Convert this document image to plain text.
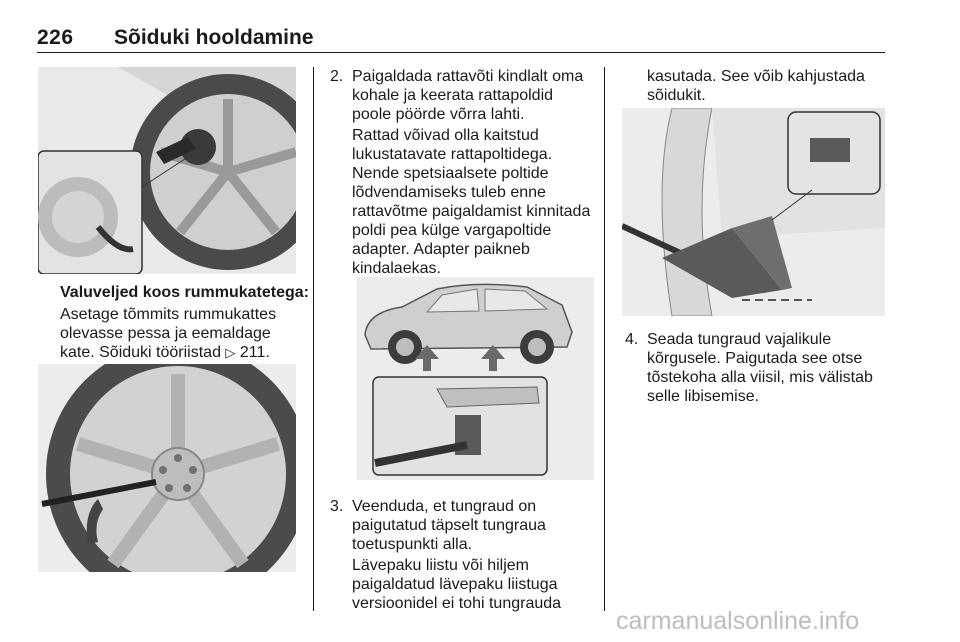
226 Sõiduki hooldamine
Valuveljed koos rummukatetega:
Asetage tõmmits rummukattes
olevasse pessa ja eemaldage
kate. Sõiduki tööriistad ▷ 211.
2. Paigaldada rattavõti kindlalt oma
kohale ja keerata rattapoldid
poole pöörde võrra lahti.
Rattad võivad olla kaitstud
lukustatavate rattapoltidega.
Nende spetsiaalsete poltide
lõdvendamiseks tuleb enne
rattavõtme paigaldamist kinnitada
poldi pea külge vargapoltide
adapter. Adapter paikneb
kindalaekas.
3. Veenduda, et tungraud on
paigutatud täpselt tungraua
toetuspunkti alla.
Lävepaku liistu või hiljem
paigaldatud lävepaku liistuga
versioonidel ei tohi tungrauda
kasutada. See võib kahjustada
sõidukit.
4. Seada tungraud vajalikule
kõrgusele. Paigutada see otse
tõstekoha alla viisil, mis välistab
selle libisemise.
carmanualsonline.info
